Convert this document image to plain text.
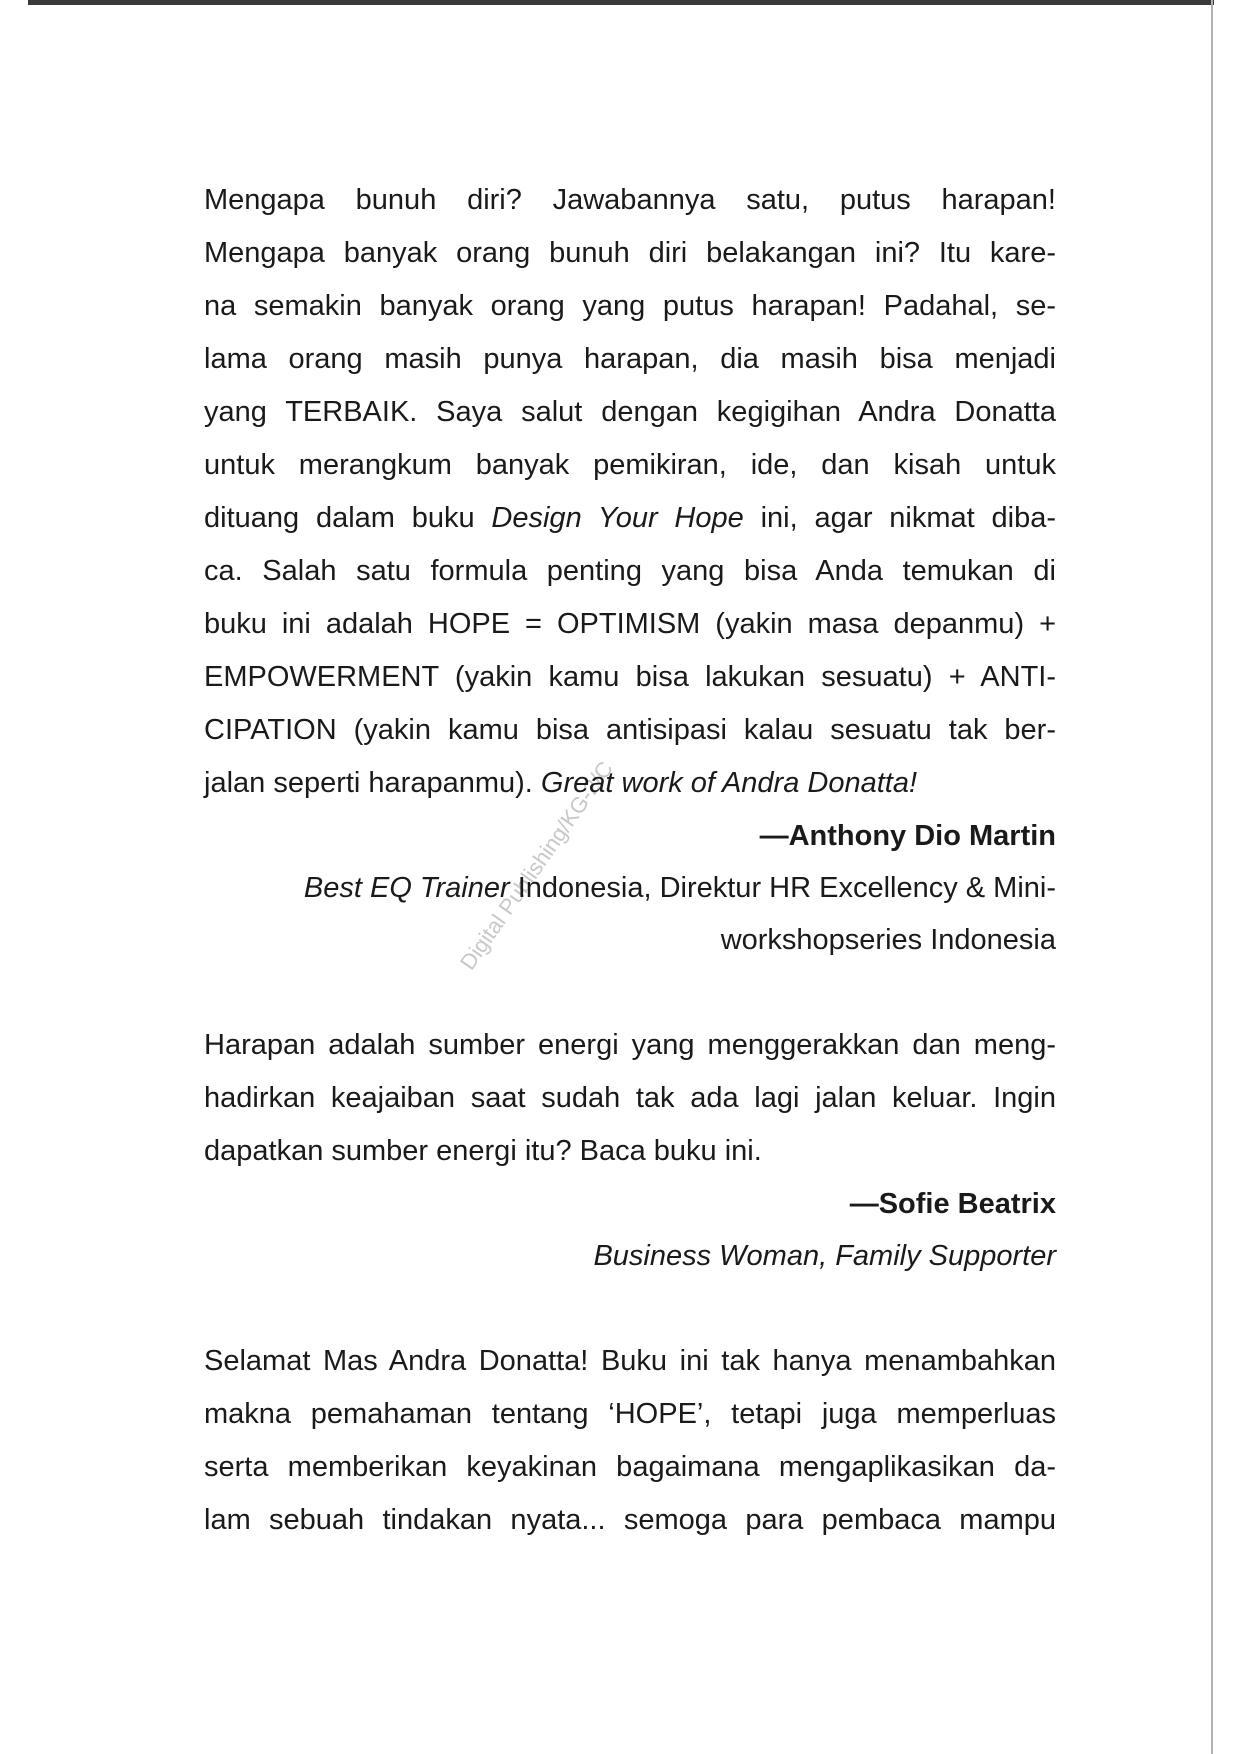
Digital Publishing/KG-2/C
Mengapa bunuh diri? Jawabannya satu, putus harapan!
Mengapa banyak orang bunuh diri belakangan ini? Itu kare-
na semakin banyak orang yang putus harapan! Padahal, se-
lama orang masih punya harapan, dia masih bisa menjadi
yang TERBAIK. Saya salut dengan kegigihan Andra Donatta
untuk merangkum banyak pemikiran, ide, dan kisah untuk
dituang dalam buku Design Your Hope ini, agar nikmat diba-
ca. Salah satu formula penting yang bisa Anda temukan di
buku ini adalah HOPE = OPTIMISM (yakin masa depanmu) +
EMPOWERMENT (yakin kamu bisa lakukan sesuatu) + ANTI-
CIPATION (yakin kamu bisa antisipasi kalau sesuatu tak ber-
jalan seperti harapanmu). Great work of Andra Donatta!

—Anthony Dio Martin

Best EQ Trainer Indonesia, Direktur HR Excellency & Mini-

workshopseries Indonesia

Harapan adalah sumber energi yang menggerakkan dan meng-
hadirkan keajaiban saat sudah tak ada lagi jalan keluar. Ingin
dapatkan sumber energi itu? Baca buku ini.

—Sofie Beatrix

Business Woman, Family Supporter

Selamat Mas Andra Donatta! Buku ini tak hanya menambahkan
makna pemahaman tentang ‘HOPE’, tetapi juga memperluas
serta memberikan keyakinan bagaimana mengaplikasikan da-
lam sebuah tindakan nyata... semoga para pembaca mampu
